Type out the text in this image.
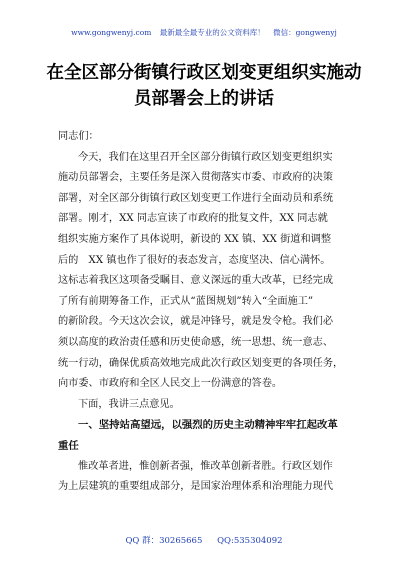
www.gongwenyj.com 最新最全最专业的公文资料库！ 微信：gongwenyj
在全区部分街镇行政区划变更组织实施动
员部署会上的讲话
同志们：
今天，我们在这里召开全区部分街镇行政区划变更组织实
施动员部署会，主要任务是深入贯彻落实市委、市政府的决策
部署，对全区部分街镇行政区划变更工作进行全面动员和系统
部署。刚才，XX 同志宣读了市政府的批复文件，XX 同志就
组织实施方案作了具体说明，新设的 XX 镇、XX 街道和调整
后的　XX 镇也作了很好的表态发言，态度坚决、信心满怀。
这标志着我区这项备受瞩目、意义深远的重大改革，已经完成
了所有前期筹备工作，正式从“蓝图规划”转入“全面施工”
的新阶段。今天这次会议，就是冲锋号，就是发令枪。我们必
须以高度的政治责任感和历史使命感，统一思想、统一意志、
统一行动，确保优质高效地完成此次行政区划变更的各项任务，
向市委、市政府和全区人民交上一份满意的答卷。
下面，我讲三点意见。
一、坚持站高望远，以强烈的历史主动精神牢牢扛起改革
重任
惟改革者进，惟创新者强，惟改革创新者胜。行政区划作
为上层建筑的重要组成部分，是国家治理体系和治理能力现代
QQ 群：30265665 QQ:535304092
